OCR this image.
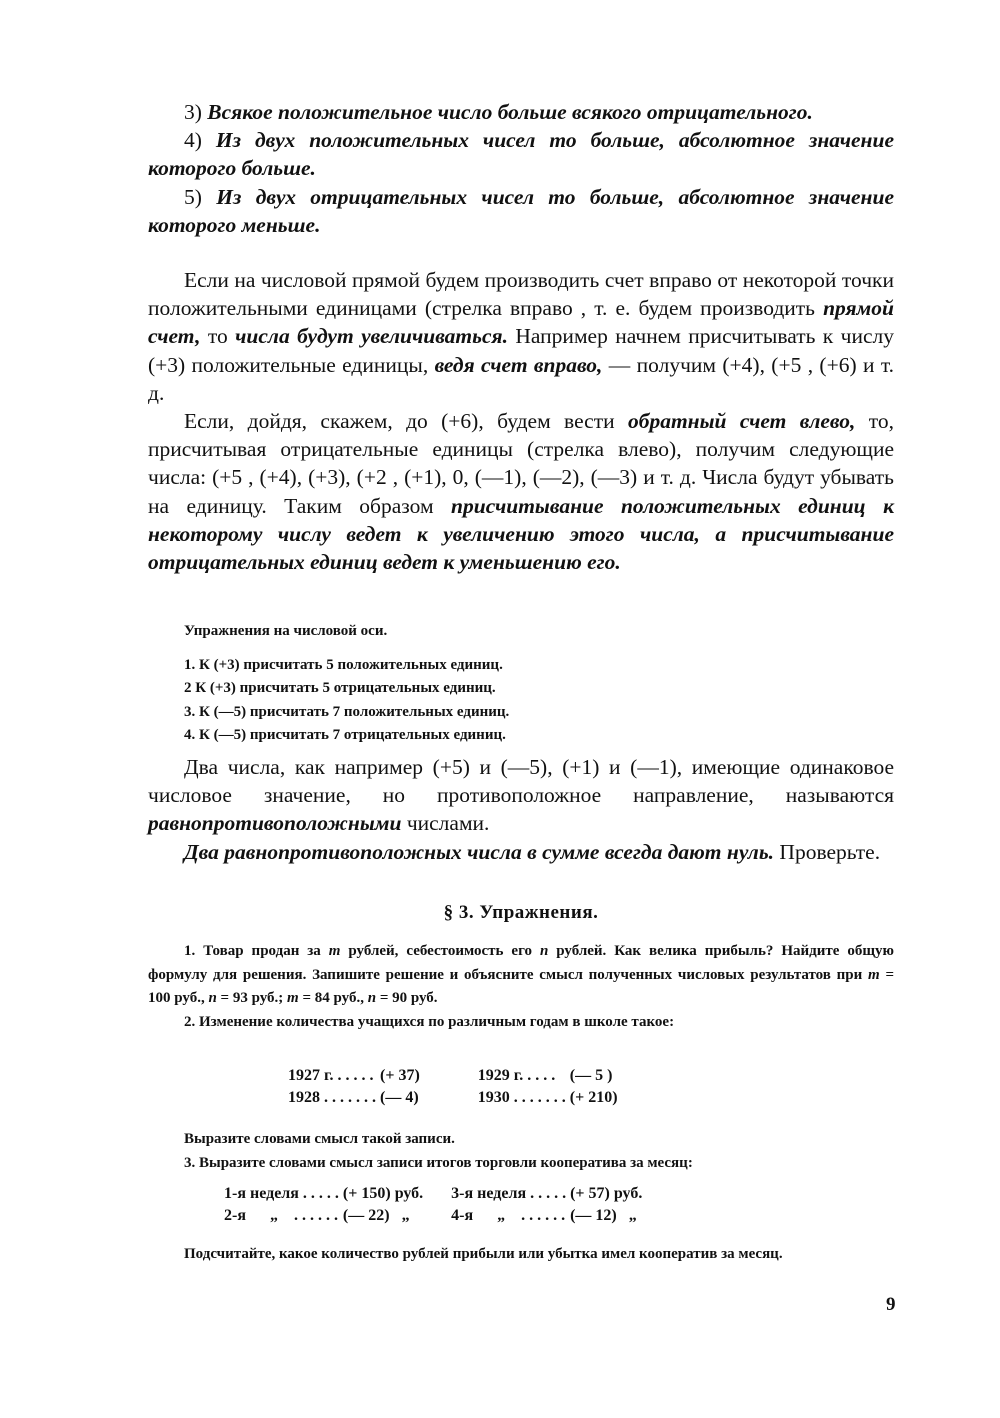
3) Всякое положительное число больше всякого отрицательного.

4) Из двух положительных чисел то больше, абсолютное значение которого больше.

5) Из двух отрицательных чисел то больше, абсолютное значение которого меньше.

Если на числовой прямой будем производить счет вправо от некоторой точки положительными единицами (стрелка вправо , т. е. будем производить прямой счет, то числа будут увеличиваться. Например начнем присчитывать к числу (+3) положительные единицы, ведя счет вправо, — получим (+4), (+5 , (+6) и т. д.

Если, дойдя, скажем, до (+6), будем вести обратный счет влево, то, присчитывая отрицательные единицы (стрелка влево), получим следующие числа: (+5 , (+4), (+3), (+2 , (+1), 0, (—1), (—2), (—3) и т. д. Числа будут убывать на единицу. Таким образом присчитывание положительных единиц к некоторому числу ведет к увеличению этого числа, а присчитывание отрицательных единиц ведет к уменьшению его.

Упражнения на числовой оси.

1. К (+3) присчитать 5 положительных единиц.

2 К (+3) присчитать 5 отрицательных единиц.

3. К (—5) присчитать 7 положительных единиц.

4. К (—5) присчитать 7 отрицательных единиц.

Два числа, как например (+5) и (—5), (+1) и (—1), имеющие одинаковое числовое значение, но противоположное направление, называются равнопротивоположными числами.

Два равнопротивоположных числа в сумме всегда дают нуль. Проверьте.

§ 3. Упражнения.

1. Товар продан за m рублей, себестоимость его n рублей. Как велика прибыль? Найдите общую формулу для решения. Запишите решение и объясните смысл полученных числовых результатов при m = 100 руб., n = 93 руб.; m = 84 руб., n = 90 руб.

2. Изменение количества учащихся по различным годам в школе такое:

1927 г. . . . . .	(+ 37)	1929 г. . . . .	(— 5 )
1928 . . . . . . .	(— 4)	1930 . . . . . . .	(+ 210)

Выразите словами смысл такой записи.

3. Выразите словами смысл записи итогов торговли кооператива за месяц:

1-я неделя . . . . .	(+ 150) руб.	3-я неделя . . . . .	(+ 57) руб.
2-я      „    . . . . . .	(— 22)   „	4-я      „    . . . . . .	(— 12)   „

Подсчитайте, какое количество рублей прибыли или убытка имел кооператив за месяц.

9
